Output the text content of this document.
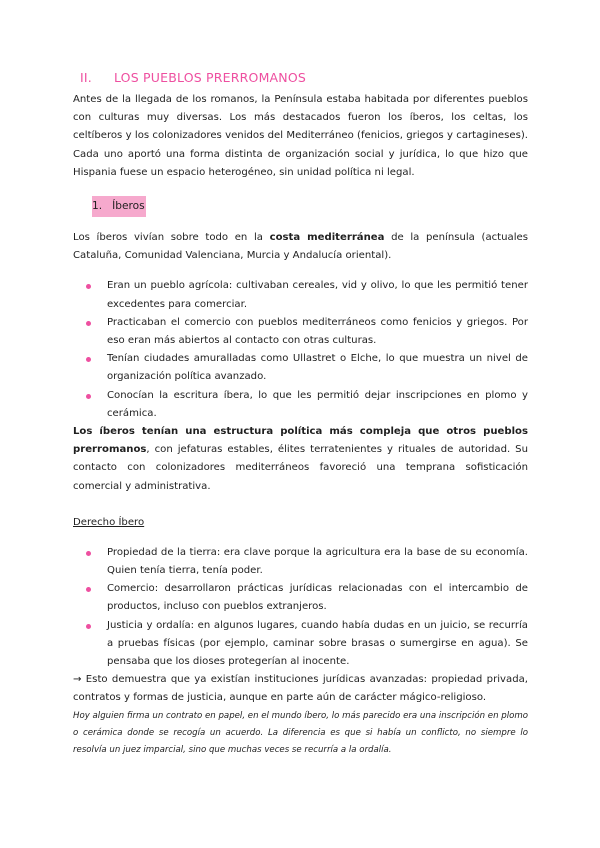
II. LOS PUEBLOS PRERROMANOS

Antes de la llegada de los romanos, la Península estaba habitada por diferentes pueblos con culturas muy diversas. Los más destacados fueron los íberos, los celtas, los celtíberos y los colonizadores venidos del Mediterráneo (fenicios, griegos y cartagineses). Cada uno aportó una forma distinta de organización social y jurídica, lo que hizo que Hispania fuese un espacio heterogéneo, sin unidad política ni legal.

1. Íberos

Los íberos vivían sobre todo en la costa mediterránea de la península (actuales Cataluña, Comunidad Valenciana, Murcia y Andalucía oriental).

Eran un pueblo agrícola: cultivaban cereales, vid y olivo, lo que les permitió tener excedentes para comerciar.
Practicaban el comercio con pueblos mediterráneos como fenicios y griegos. Por eso eran más abiertos al contacto con otras culturas.
Tenían ciudades amuralladas como Ullastret o Elche, lo que muestra un nivel de organización política avanzado.
Conocían la escritura íbera, lo que les permitió dejar inscripciones en plomo y cerámica.

Los íberos tenían una estructura política más compleja que otros pueblos prerromanos, con jefaturas estables, élites terratenientes y rituales de autoridad. Su contacto con colonizadores mediterráneos favoreció una temprana sofisticación comercial y administrativa.

Derecho Íbero
Propiedad de la tierra: era clave porque la agricultura era la base de su economía. Quien tenía tierra, tenía poder.
Comercio: desarrollaron prácticas jurídicas relacionadas con el intercambio de productos, incluso con pueblos extranjeros.
Justicia y ordalía: en algunos lugares, cuando había dudas en un juicio, se recurría a pruebas físicas (por ejemplo, caminar sobre brasas o sumergirse en agua). Se pensaba que los dioses protegerían al inocente.

→ Esto demuestra que ya existían instituciones jurídicas avanzadas: propiedad privada, contratos y formas de justicia, aunque en parte aún de carácter mágico-religioso.

Hoy alguien firma un contrato en papel, en el mundo íbero, lo más parecido era una inscripción en plomo o cerámica donde se recogía un acuerdo. La diferencia es que si había un conflicto, no siempre lo resolvía un juez imparcial, sino que muchas veces se recurría a la ordalía.
